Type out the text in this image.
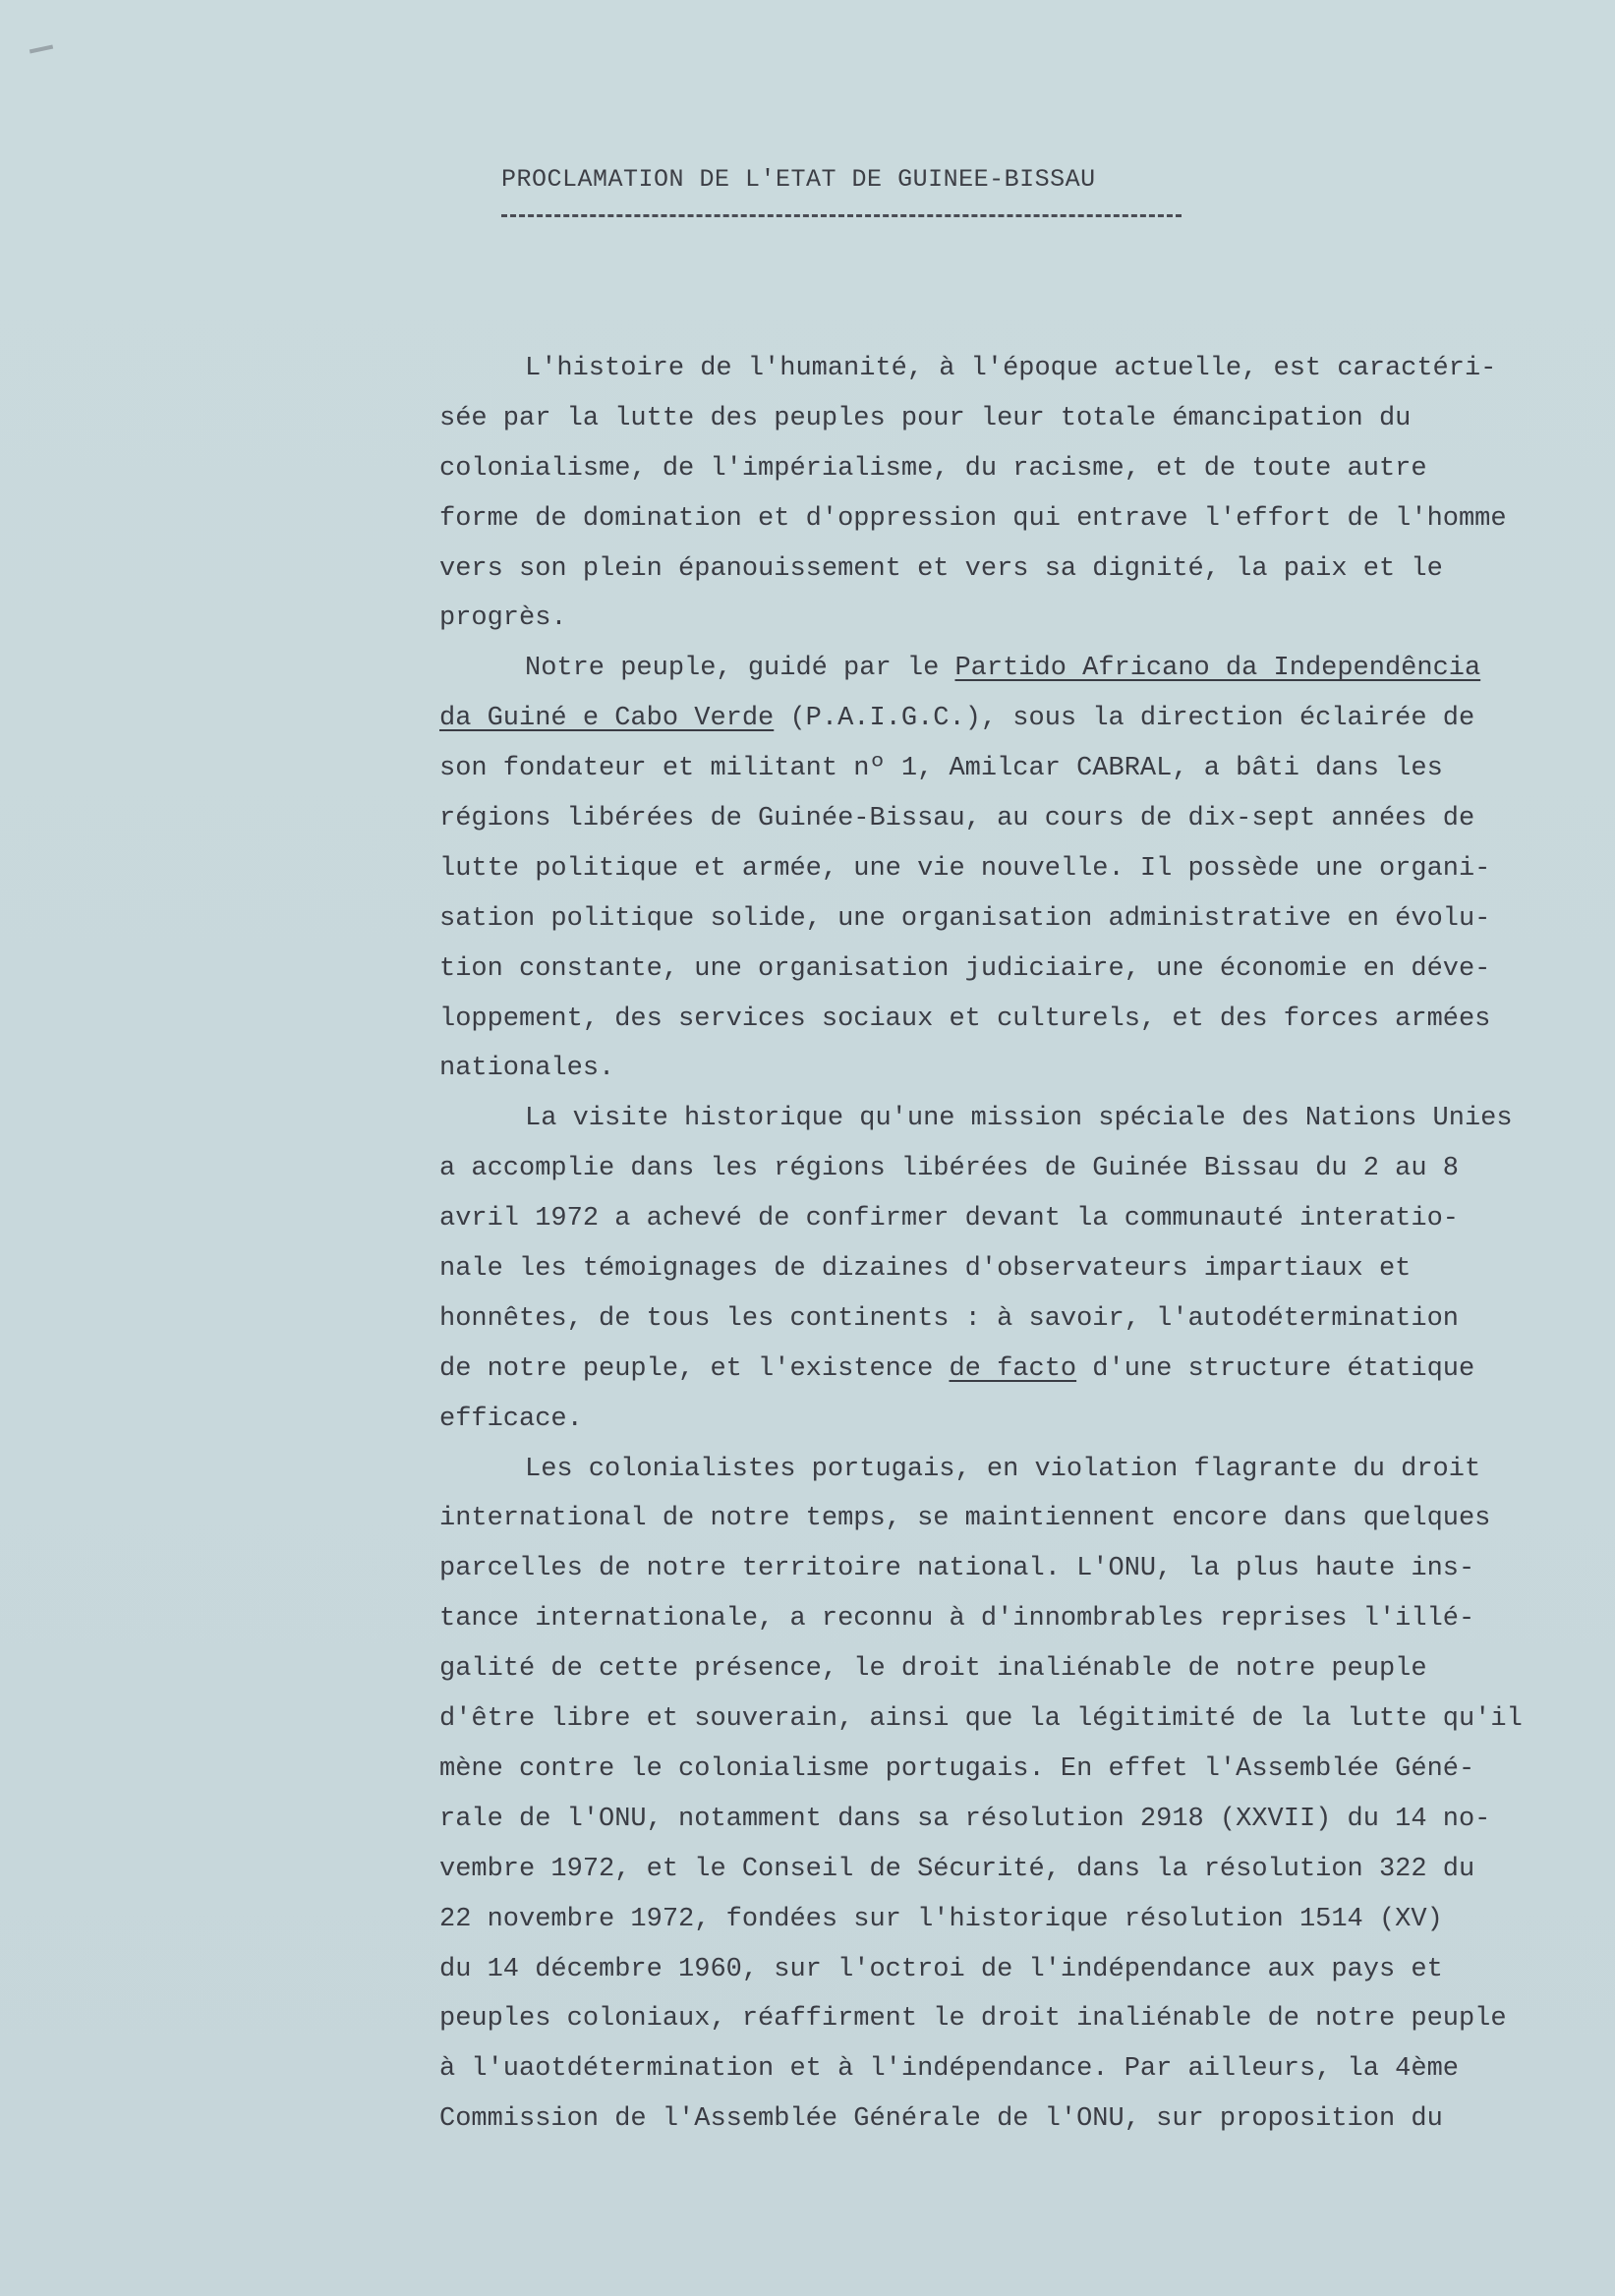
PROCLAMATION DE L'ETAT DE GUINEE-BISSAU
L'histoire de l'humanité, à l'époque actuelle, est caractéri-
sée par la lutte des peuples pour leur totale émancipation du
colonialisme, de l'impérialisme, du racisme, et de toute autre
forme de domination et d'oppression qui entrave l'effort de l'homme
vers son plein épanouissement et vers sa dignité, la paix et le
progrès.
Notre peuple, guidé par le Partido Africano da Independência
da Guiné e Cabo Verde (P.A.I.G.C.), sous la direction éclairée de
son fondateur et militant nº 1, Amilcar CABRAL, a bâti dans les
régions libérées de Guinée-Bissau, au cours de dix-sept années de
lutte politique et armée, une vie nouvelle. Il possède une organi-
sation politique solide, une organisation administrative en évolu-
tion constante, une organisation judiciaire, une économie en déve-
loppement, des services sociaux et culturels, et des forces armées
nationales.
La visite historique qu'une mission spéciale des Nations Unies
a accomplie dans les régions libérées de Guinée Bissau du 2 au 8
avril 1972 a achevé de confirmer devant la communauté interatio-
nale les témoignages de dizaines d'observateurs impartiaux et
honnêtes, de tous les continents : à savoir, l'autodétermination
de notre peuple, et l'existence de facto d'une structure étatique
efficace.
Les colonialistes portugais, en violation flagrante du droit
international de notre temps, se maintiennent encore dans quelques
parcelles de notre territoire national. L'ONU, la plus haute ins-
tance internationale, a reconnu à d'innombrables reprises l'illé-
galité de cette présence, le droit inaliénable de notre peuple
d'être libre et souverain, ainsi que la légitimité de la lutte qu'il
mène contre le colonialisme portugais. En effet l'Assemblée Géné-
rale de l'ONU, notamment dans sa résolution 2918 (XXVII) du 14 no-
vembre 1972, et le Conseil de Sécurité, dans la résolution 322 du
22 novembre 1972, fondées sur l'historique résolution 1514 (XV)
du 14 décembre 1960, sur l'octroi de l'indépendance aux pays et
peuples coloniaux, réaffirment le droit inaliénable de notre peuple
à l'uaotdétermination et à l'indépendance. Par ailleurs, la 4ème
Commission de l'Assemblée Générale de l'ONU, sur proposition du
